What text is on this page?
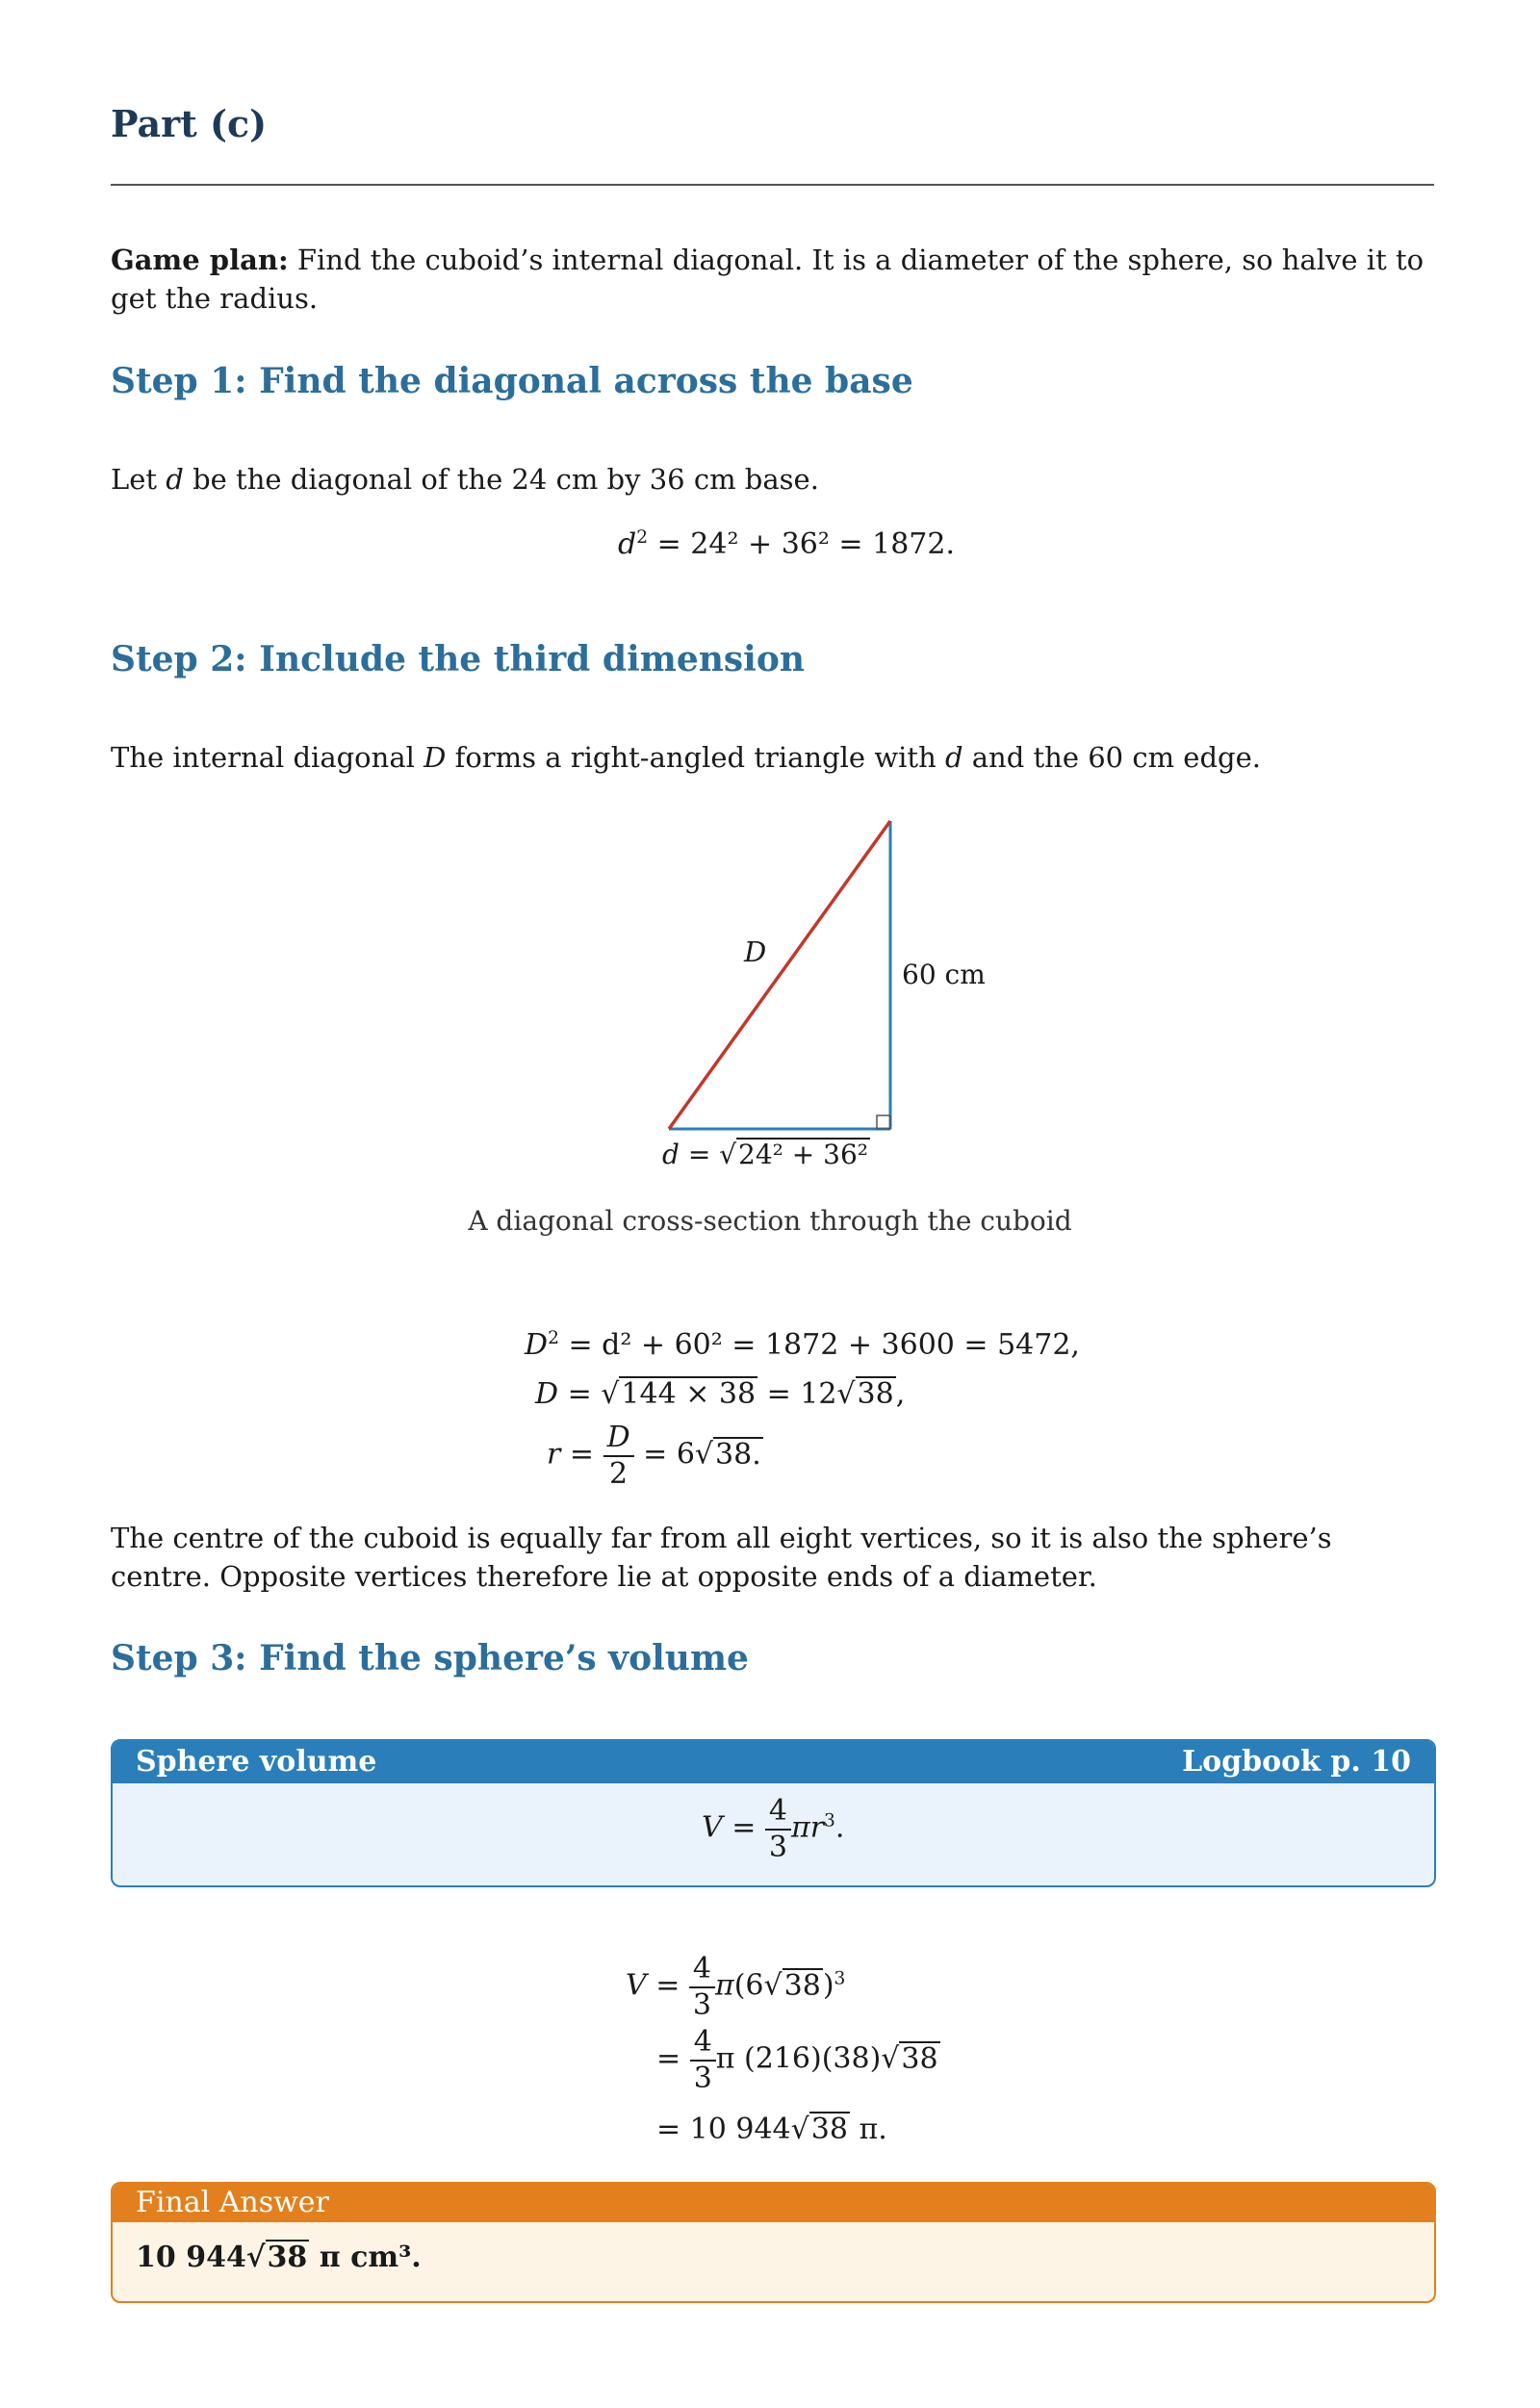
Part (c)
Game plan: Find the cuboid’s internal diagonal. It is a diameter of the sphere, so halve it to get the radius.
Step 1: Find the diagonal across the base
Let d be the diagonal of the 24 cm by 36 cm base.
$d^2 = 24^2 + 36^2 = 1872$.
Step 2: Include the third dimension
The internal diagonal D forms a right-angled triangle with d and the 60 cm edge.
D
60 cm
d = √24² + 36²
A diagonal cross-section through the cuboid
$D^2 = d^2 + 60^2 = 1872 + 3600 = 5472$,
D = √144 × 38 = 12√38,
$r = \frac{D}{2} = 6√38$.
The centre of the cuboid is equally far from all eight vertices, so it is also the sphere’s centre. Opposite vertices therefore lie at opposite ends of a diameter.
Step 3: Find the sphere’s volume
Sphere volume	Logbook p. 10
$V = \frac{4}{3} \pi r^3$.
$V = \frac{4}{3} \pi(6√38)^3$
= $\frac{4}{3}$ π (216)(38)√38
= 10 944√38 π.
Final Answer
10 944√38 π cm³.
